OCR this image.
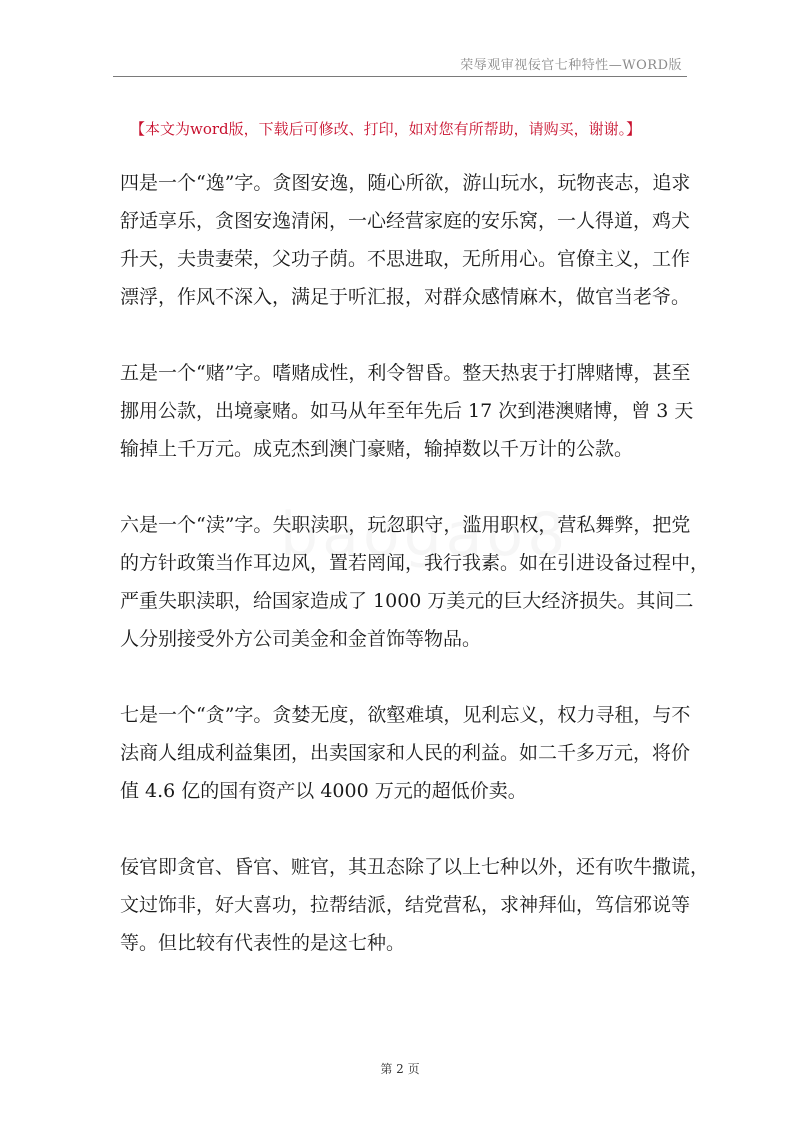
荣辱观审视佞官七种特性—WORD版
【本文为word版，下载后可修改、打印，如对您有所帮助，请购买，谢谢。】
四是一个“逸”字。贪图安逸，随心所欲，游山玩水，玩物丧志，追求
舒适享乐，贪图安逸清闲，一心经营家庭的安乐窝，一人得道，鸡犬
升天，夫贵妻荣，父功子荫。不思进取，无所用心。官僚主义，工作
漂浮，作风不深入，满足于听汇报，对群众感情麻木，做官当老爷。
五是一个“赌”字。嗜赌成性，利令智昏。整天热衷于打牌赌博，甚至
挪用公款，出境豪赌。如马从年至年先后 17 次到港澳赌博，曾 3 天
输掉上千万元。成克杰到澳门豪赌，输掉数以千万计的公款。
六是一个“渎”字。失职渎职，玩忽职守，滥用职权，营私舞弊，把党
的方针政策当作耳边风，置若罔闻，我行我素。如在引进设备过程中，
严重失职渎职，给国家造成了 1000 万美元的巨大经济损失。其间二
人分别接受外方公司美金和金首饰等物品。
七是一个“贪”字。贪婪无度，欲壑难填，见利忘义，权力寻租，与不
法商人组成利益集团，出卖国家和人民的利益。如二千多万元，将价
值 4.6 亿的国有资产以 4000 万元的超低价卖。
佞官即贪官、昏官、赃官，其丑态除了以上七种以外，还有吹牛撒谎，
文过饰非，好大喜功，拉帮结派，结党营私，求神拜仙，笃信邪说等
等。但比较有代表性的是这七种。
第 2 页
